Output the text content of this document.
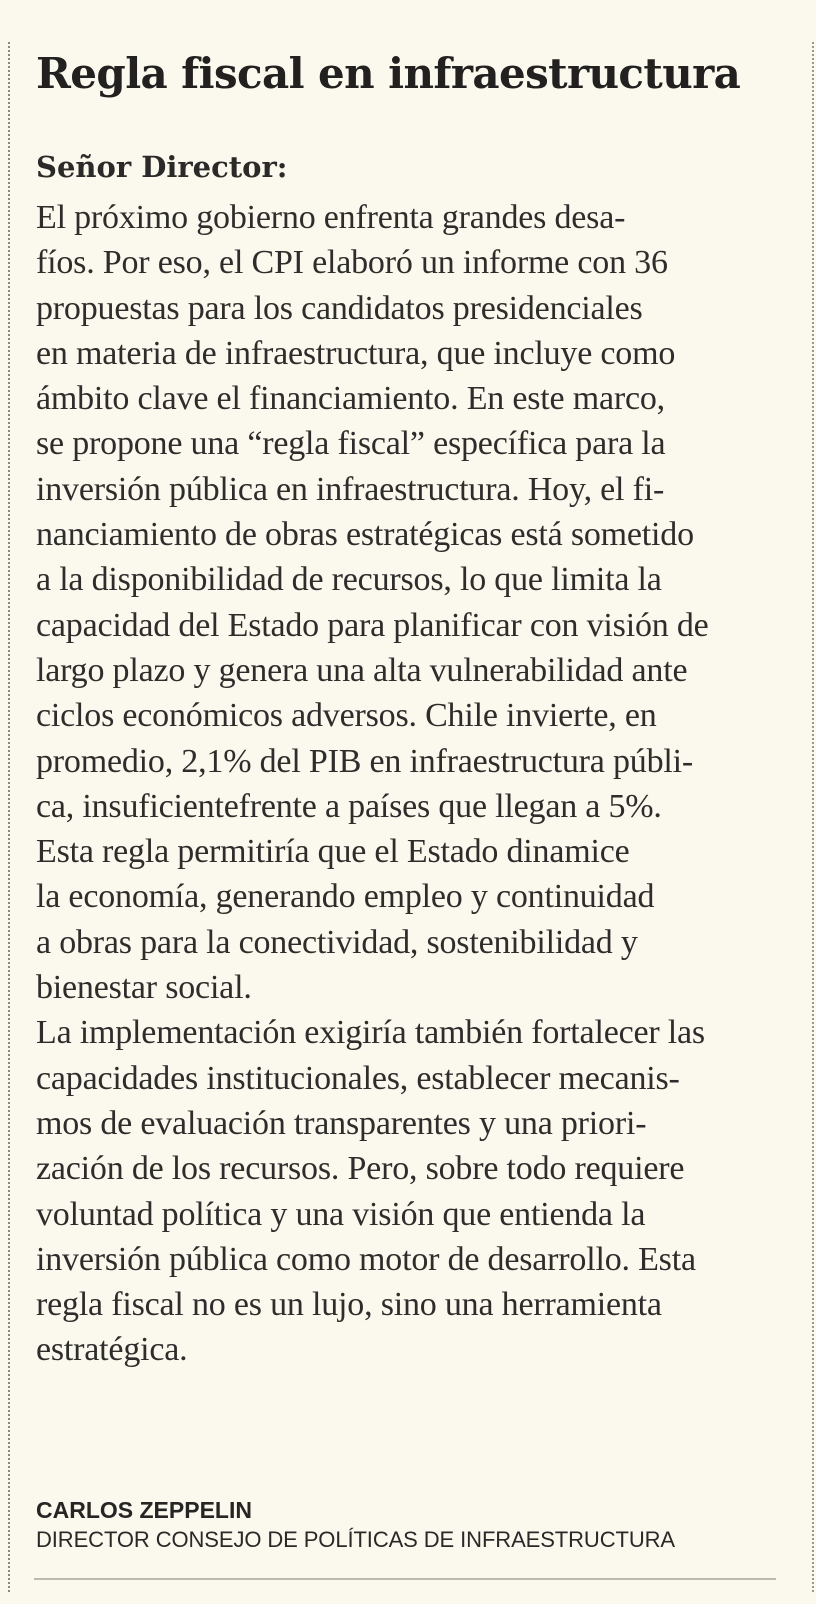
Regla fiscal en infraestructura

Señor Director:

El próximo gobierno enfrenta grandes desa-
fíos. Por eso, el CPI elaboró un informe con 36
propuestas para los candidatos presidenciales
en materia de infraestructura, que incluye como
ámbito clave el financiamiento. En este marco,
se propone una “regla fiscal” específica para la
inversión pública en infraestructura. Hoy, el fi-
nanciamiento de obras estratégicas está sometido
a la disponibilidad de recursos, lo que limita la
capacidad del Estado para planificar con visión de
largo plazo y genera una alta vulnerabilidad ante
ciclos económicos adversos. Chile invierte, en
promedio, 2,1% del PIB en infraestructura públi-
ca, insuficientefrente a países que llegan a 5%.
Esta regla permitiría que el Estado dinamice
la economía, generando empleo y continuidad
a obras para la conectividad, sostenibilidad y
bienestar social.
La implementación exigiría también fortalecer las
capacidades institucionales, establecer mecanis-
mos de evaluación transparentes y una priori-
zación de los recursos. Pero, sobre todo requiere
voluntad política y una visión que entienda la
inversión pública como motor de desarrollo. Esta
regla fiscal no es un lujo, sino una herramienta
estratégica.

CARLOS ZEPPELIN

DIRECTOR CONSEJO DE POLÍTICAS DE INFRAESTRUCTURA
